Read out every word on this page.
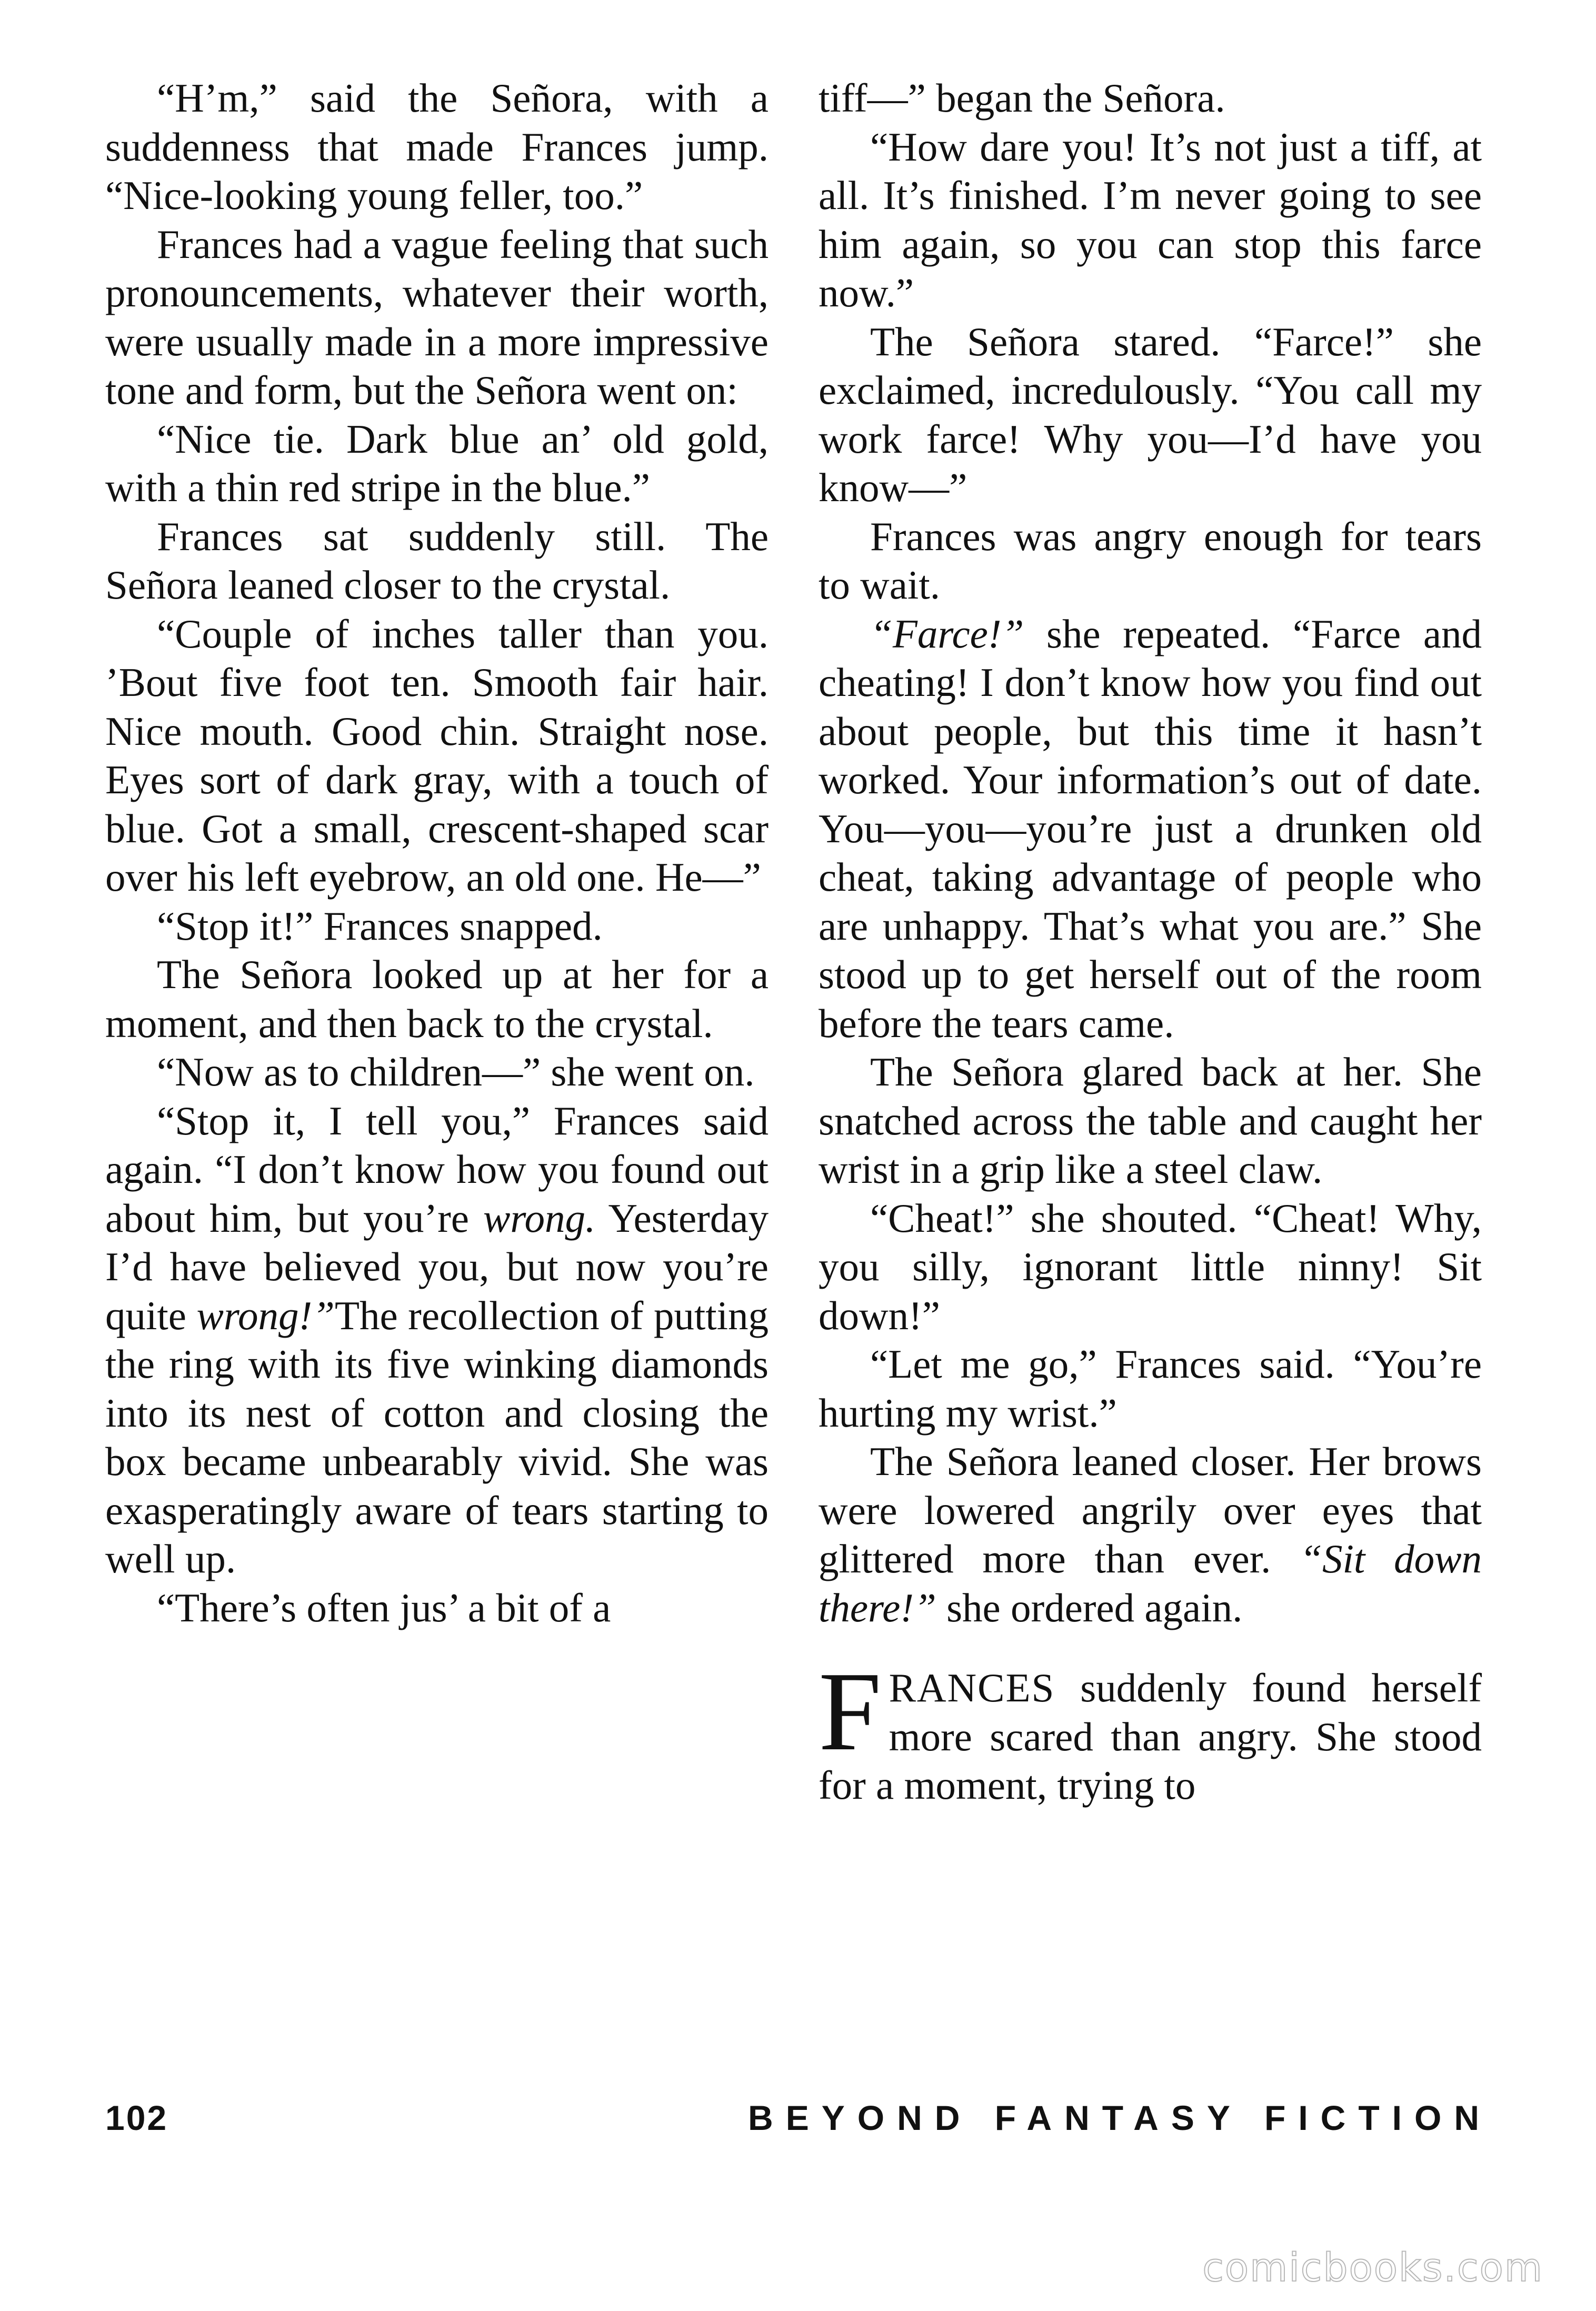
“H’m,” said the Señora, with a suddenness that made Frances jump. “Nice-looking young feller, too.”

Frances had a vague feeling that such pronouncements, whatever their worth, were usually made in a more impressive tone and form, but the Señora went on:

“Nice tie. Dark blue an’ old gold, with a thin red stripe in the blue.”

Frances sat suddenly still. The Señora leaned closer to the crystal.

“Couple of inches taller than you. ’Bout five foot ten. Smooth fair hair. Nice mouth. Good chin. Straight nose. Eyes sort of dark gray, with a touch of blue. Got a small, crescent-shaped scar over his left eyebrow, an old one. He—”

“Stop it!” Frances snapped.

The Señora looked up at her for a moment, and then back to the crystal.

“Now as to children—” she went on.

“Stop it, I tell you,” Frances said again. “I don’t know how you found out about him, but you’re wrong. Yesterday I’d have believed you, but now you’re quite wrong!”The recollection of putting the ring with its five winking diamonds into its nest of cotton and closing the box became unbearably vivid. She was exasperatingly aware of tears starting to well up.

“There’s often jus’ a bit of a

tiff—” began the Señora.

“How dare you! It’s not just a tiff, at all. It’s finished. I’m never going to see him again, so you can stop this farce now.”

The Señora stared. “Farce!” she exclaimed, incredulously. “You call my work farce! Why you—I’d have you know—”

Frances was angry enough for tears to wait.

“Farce!” she repeated. “Farce and cheating! I don’t know how you find out about people, but this time it hasn’t worked. Your information’s out of date. You—you—you’re just a drunken old cheat, taking advantage of people who are unhappy. That’s what you are.” She stood up to get herself out of the room before the tears came.

The Señora glared back at her. She snatched across the table and caught her wrist in a grip like a steel claw.

“Cheat!” she shouted. “Cheat! Why, you silly, ignorant little ninny! Sit down!”

“Let me go,” Frances said. “You’re hurting my wrist.”

The Señora leaned closer. Her brows were lowered angrily over eyes that glittered more than ever. “Sit down there!” she ordered again.

FRANCES suddenly found herself more scared than angry. She stood for a moment, trying to

102	BEYOND FANTASY FICTION
comicbooks.com
